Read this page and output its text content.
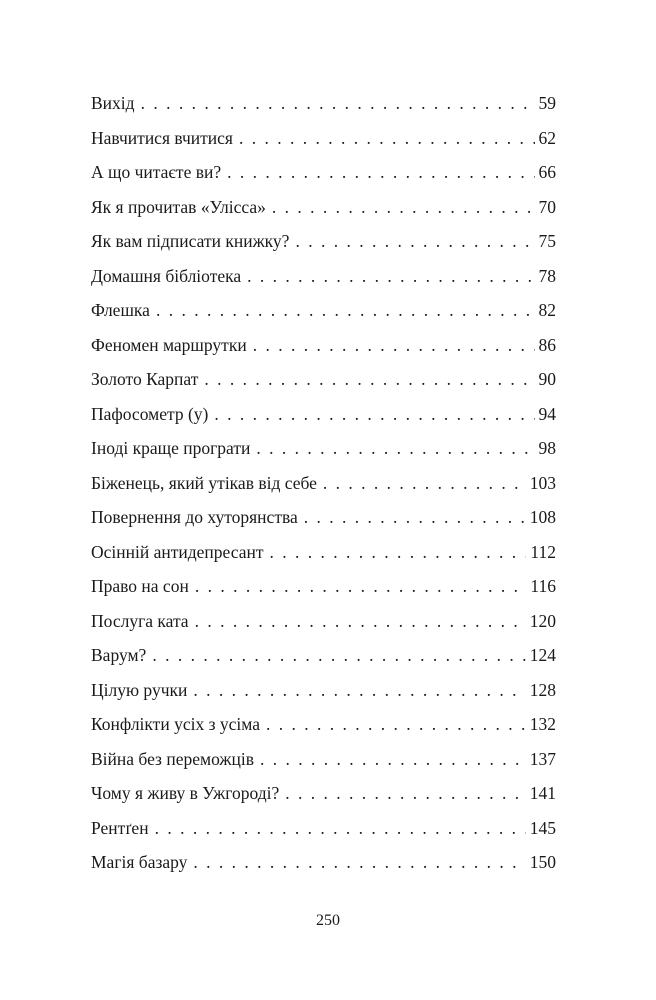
Вихід . . .	59
Навчитися вчитися . . .	62
А що читаєте ви? . . .	66
Як я прочитав «Улісса» . . .	70
Як вам підписати книжку? . . .	75
Домашня бібліотека . . .	78
Флешка . . .	82
Феномен маршрутки . . .	86
Золото Карпат . . .	90
Пафосометр (у) . . .	94
Іноді краще програти . . .	98
Біженець, який утікав від себе . . .	103
Повернення до хуторянства . . .	108
Осінній антидепресант . . .	112
Право на сон . . .	116
Послуга ката . . .	120
Варум? . . .	124
Цілую ручки . . .	128
Конфлікти усіх з усіма . . .	132
Війна без переможців . . .	137
Чому я живу в Ужгороді? . . .	141
Рентґен . . .	145
Магія базару . . .	150
250
